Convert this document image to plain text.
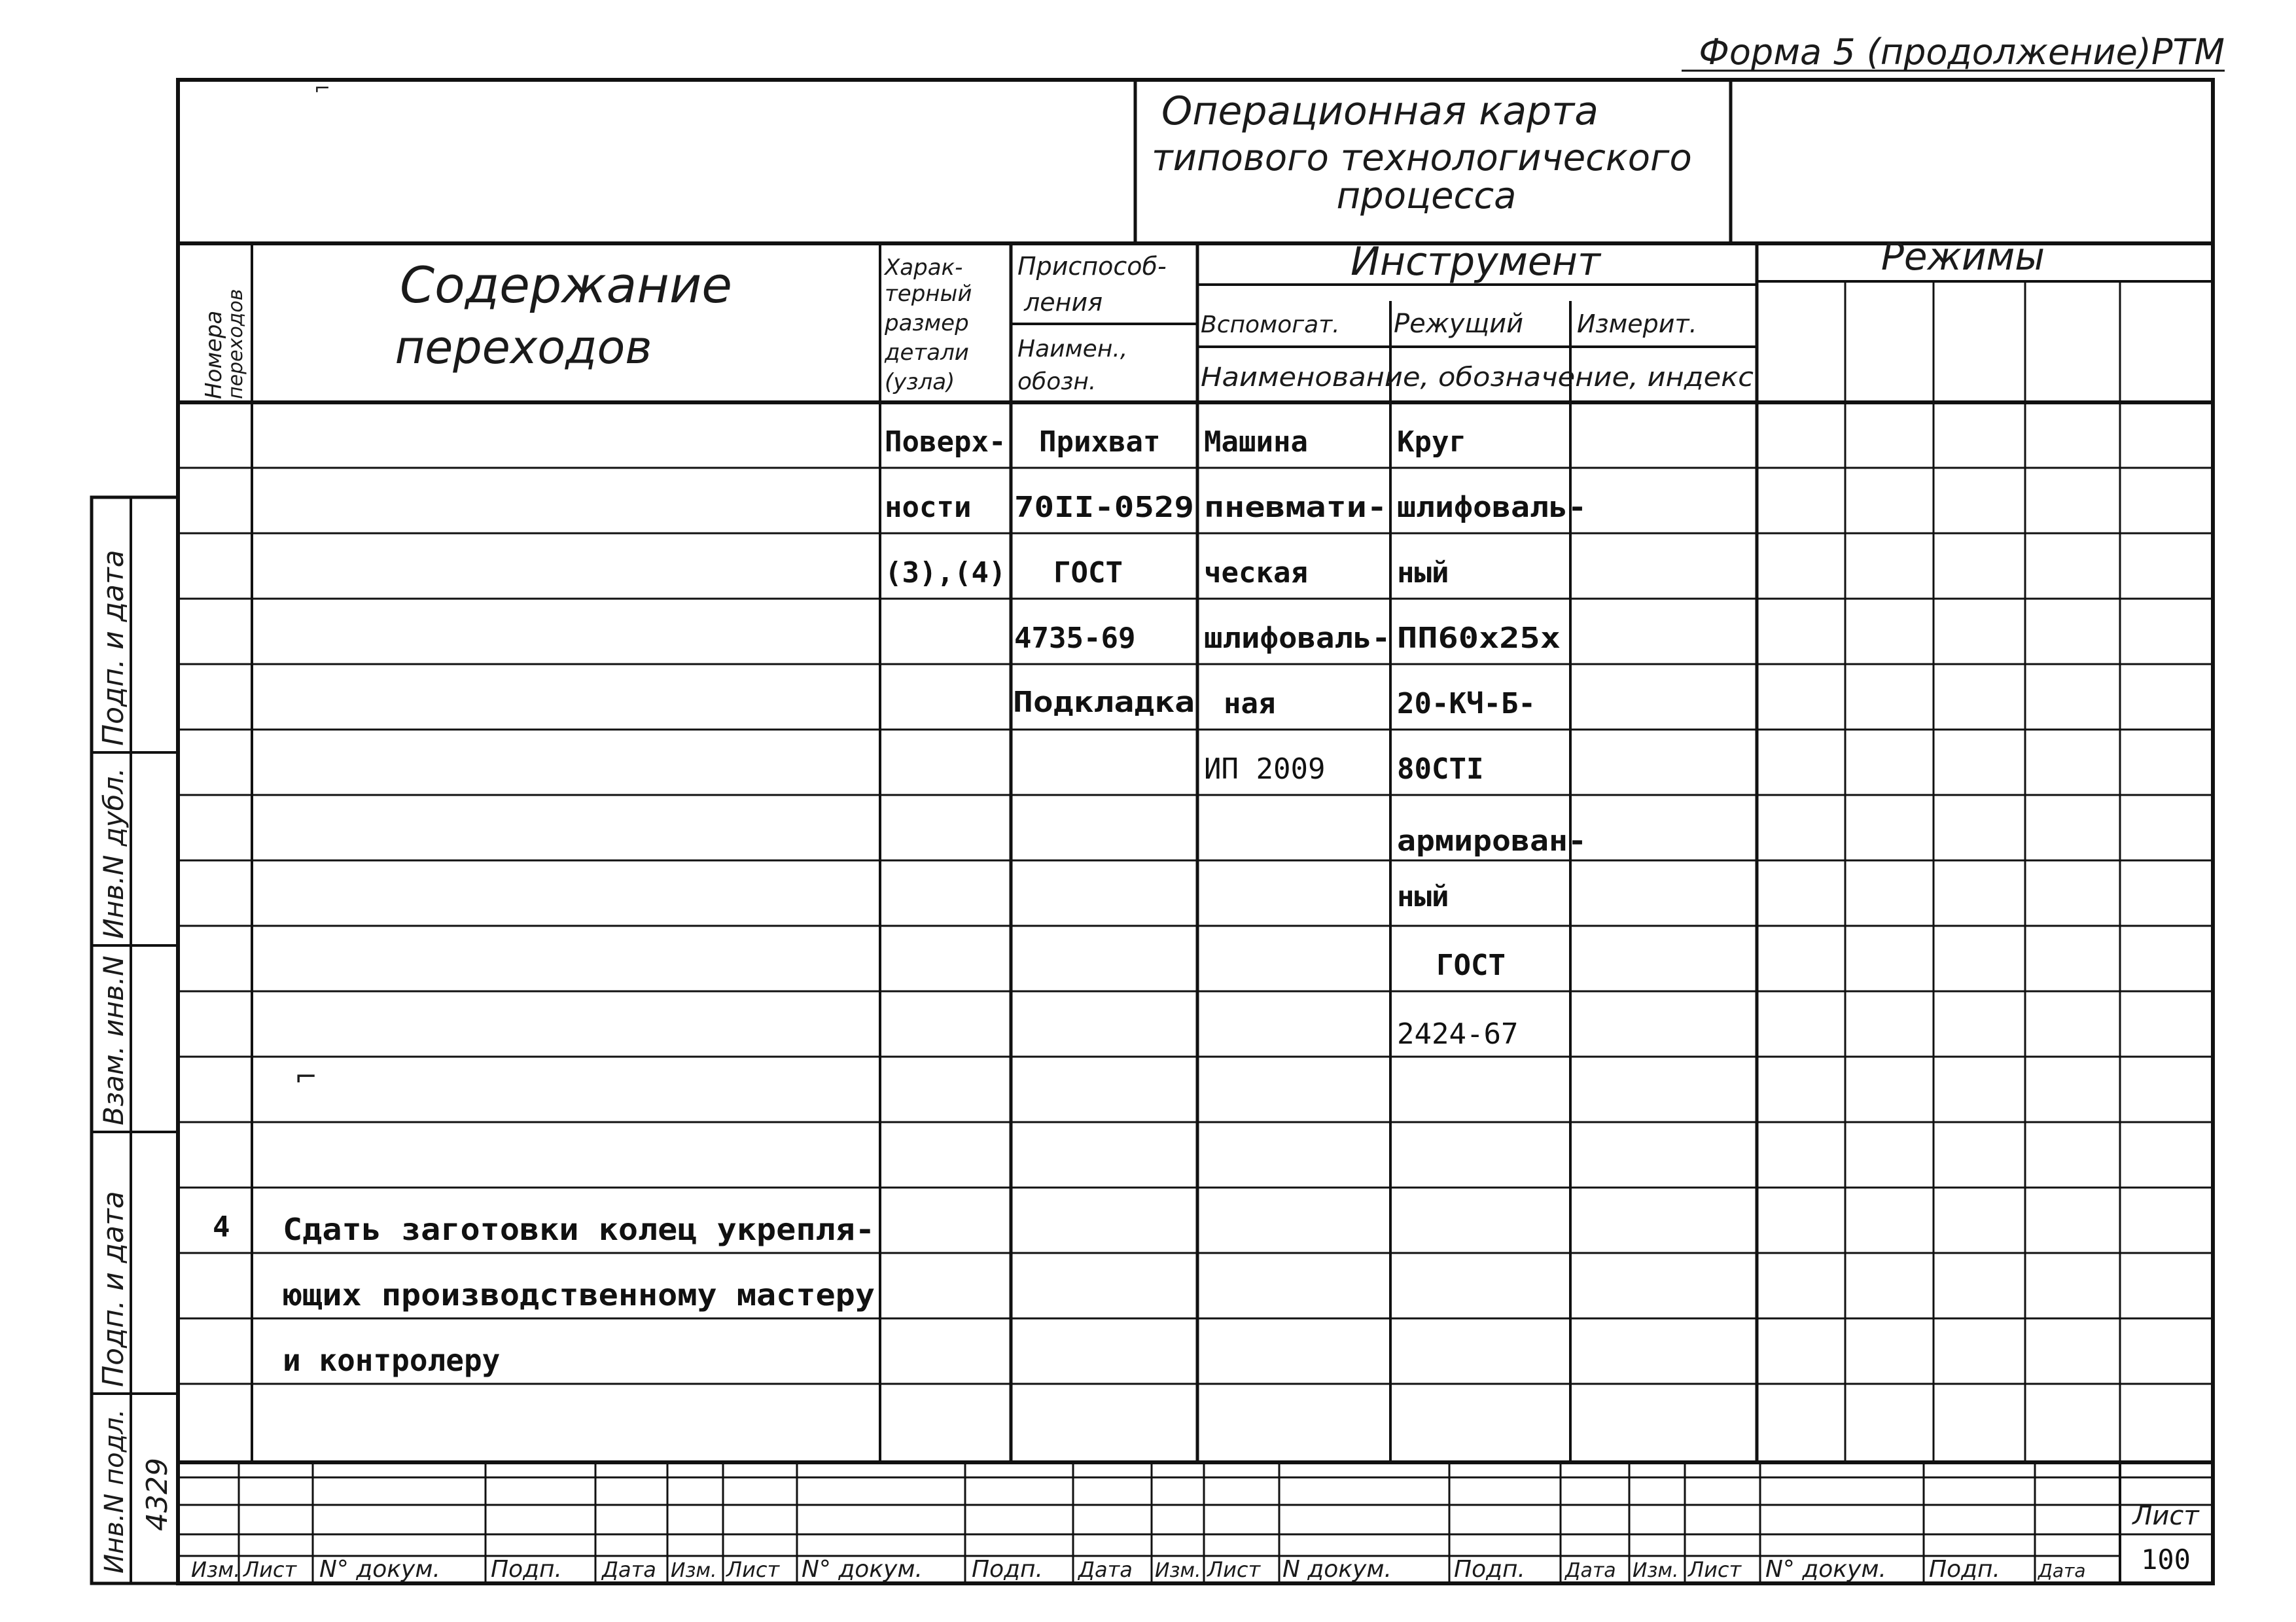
Форма 5 (продолжение)РТМ
Операционная карта
типового технологического
процесса
⌐
Номера
переходов
Содержание
переходов
Харак-
терный
размер
детали
(узла)
Приспособ-
ления
Наимен.,
обозн.
Инструмент
Вспомогат. Режущий Измерит.
Наименование, обозначение, индекс
Режимы
Поверх-
ности
(3),(4)
Прихват
70II-0529
ГОСТ
4735-69
Подкладка
Машина
пневмати-
ческая
шлифоваль-
ная
ИП 2009
Круг
шлифоваль-
ный
ПП60х25х
20-КЧ-Б-
80СТI
армирован-
ный
ГОСТ
2424-67
4 Сдать заготовки колец укрепля-
ющих производственному мастеру
и контролеру
⌐
Инв.N подл.
Подп. и дата
Взам. инв.N
Инв.N дубл.
Подп. и дата
4329
Изм. Лист N° докум. Подп. Дата Изм. Лист N° докум. Подп. Дата Изм. Лист N докум.	Подп. Дата Изм. Лист N° докум. Подп. Дата
Лист
100
